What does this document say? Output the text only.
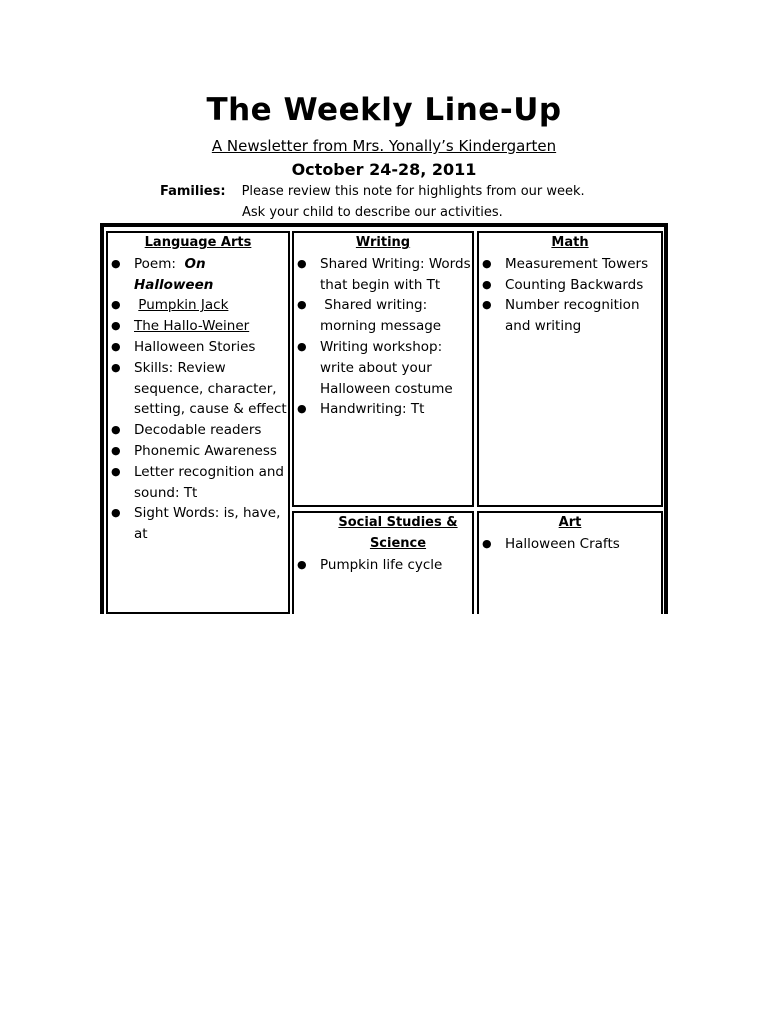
The Weekly Line-Up
A Newsletter from Mrs. Yonally’s Kindergarten
October 24-28, 2011
Families: Please review this note for highlights from our week.
Ask your child to describe our activities.
Language Arts
● Poem: On Halloween
● Pumpkin Jack
● The Hallo-Weiner
● Halloween Stories
● Skills: Review sequence, character, setting, cause & effect
● Decodable readers
● Phonemic Awareness
● Letter recognition and sound: Tt
● Sight Words: is, have, at
Writing
● Shared Writing: Words that begin with Tt
● Shared writing: morning message
● Writing workshop: write about your Halloween costume
● Handwriting: Tt
Math
● Measurement Towers
● Counting Backwards
● Number recognition and writing
Social Studies &
Science
● Pumpkin life cycle
Art
● Halloween Crafts
